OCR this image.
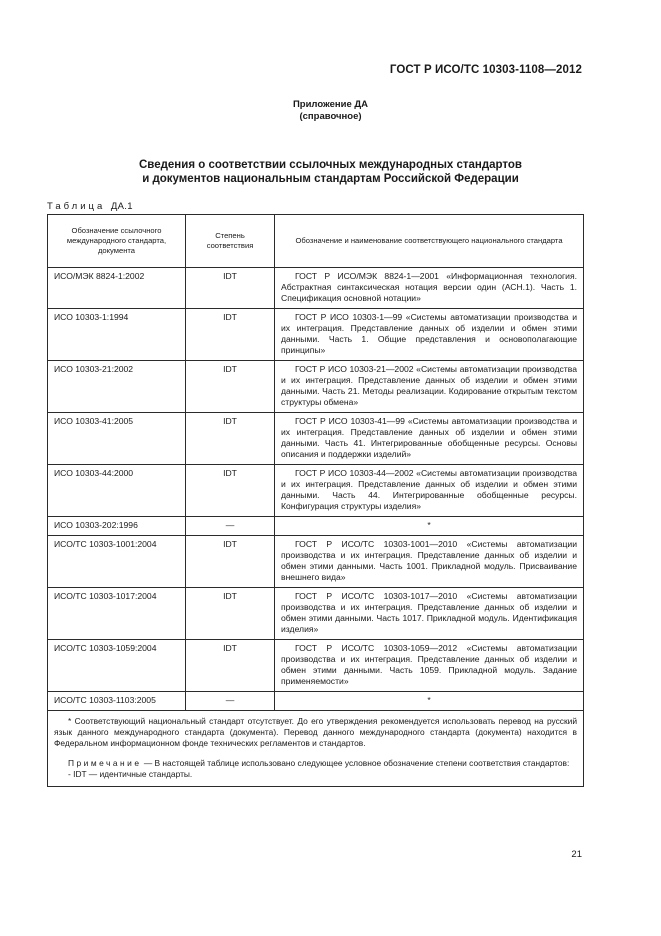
ГОСТ Р ИСО/ТС 10303-1108—2012
Приложение ДА
(справочное)
Сведения о соответствии ссылочных международных стандартов
и документов национальным стандартам Российской Федерации
Таблица ДА.1
Обозначение ссылочного международного стандарта, документа	Степень соответствия	Обозначение и наименование соответствующего национального стандарта

ИСО/МЭК 8824-1:2002	IDT	ГОСТ Р ИСО/МЭК 8824-1—2001 «Информационная технология. Абстрактная синтаксическая нотация версии один (АСН.1). Часть 1. Спецификация основной нотации»

ИСО 10303-1:1994	IDT	ГОСТ Р ИСО 10303-1—99 «Системы автоматизации производства и их интеграция. Представление данных об изделии и обмен этими данными. Часть 1. Общие представления и основополагающие принципы»

ИСО 10303-21:2002	IDT	ГОСТ Р ИСО 10303-21—2002 «Системы автоматизации производства и их интеграция. Представление данных об изделии и обмен этими данными. Часть 21. Методы реализации. Кодирование открытым текстом структуры обмена»

ИСО 10303-41:2005	IDT	ГОСТ Р ИСО 10303-41—99 «Системы автоматизации производства и их интеграция. Представление данных об изделии и обмен этими данными. Часть 41. Интегрированные обобщенные ресурсы. Основы описания и поддержки изделий»

ИСО 10303-44:2000	IDT	ГОСТ Р ИСО 10303-44—2002 «Системы автоматизации производства и их интеграция. Представление данных об изделии и обмен этими данными. Часть 44. Интегрированные обобщенные ресурсы. Конфигурация структуры изделия»

ИСО 10303-202:1996	—	*

ИСО/ТС 10303-1001:2004	IDT	ГОСТ Р ИСО/ТС 10303-1001—2010 «Системы автоматизации производства и их интеграция. Представление данных об изделии и обмен этими данными. Часть 1001. Прикладной модуль. Присваивание внешнего вида»

ИСО/ТС 10303-1017:2004	IDT	ГОСТ Р ИСО/ТС 10303-1017—2010 «Системы автоматизации производства и их интеграция. Представление данных об изделии и обмен этими данными. Часть 1017. Прикладной модуль. Идентификация изделия»

ИСО/ТС 10303-1059:2004	IDT	ГОСТ Р ИСО/ТС 10303-1059—2012 «Системы автоматизации производства и их интеграция. Представление данных об изделии и обмен этими данными. Часть 1059. Прикладной модуль. Задание применяемости»

ИСО/ТС 10303-1103:2005	—	*

* Соответствующий национальный стандарт отсутствует. До его утверждения рекомендуется использовать перевод на русский язык данного международного стандарта (документа). Перевод данного международного стандарта (документа) находится в Федеральном информационном фонде технических регламентов и стандартов.

Примечание — В настоящей таблице использовано следующее условное обозначение степени соответствия стандартов:

- IDT — идентичные стандарты.		

21
